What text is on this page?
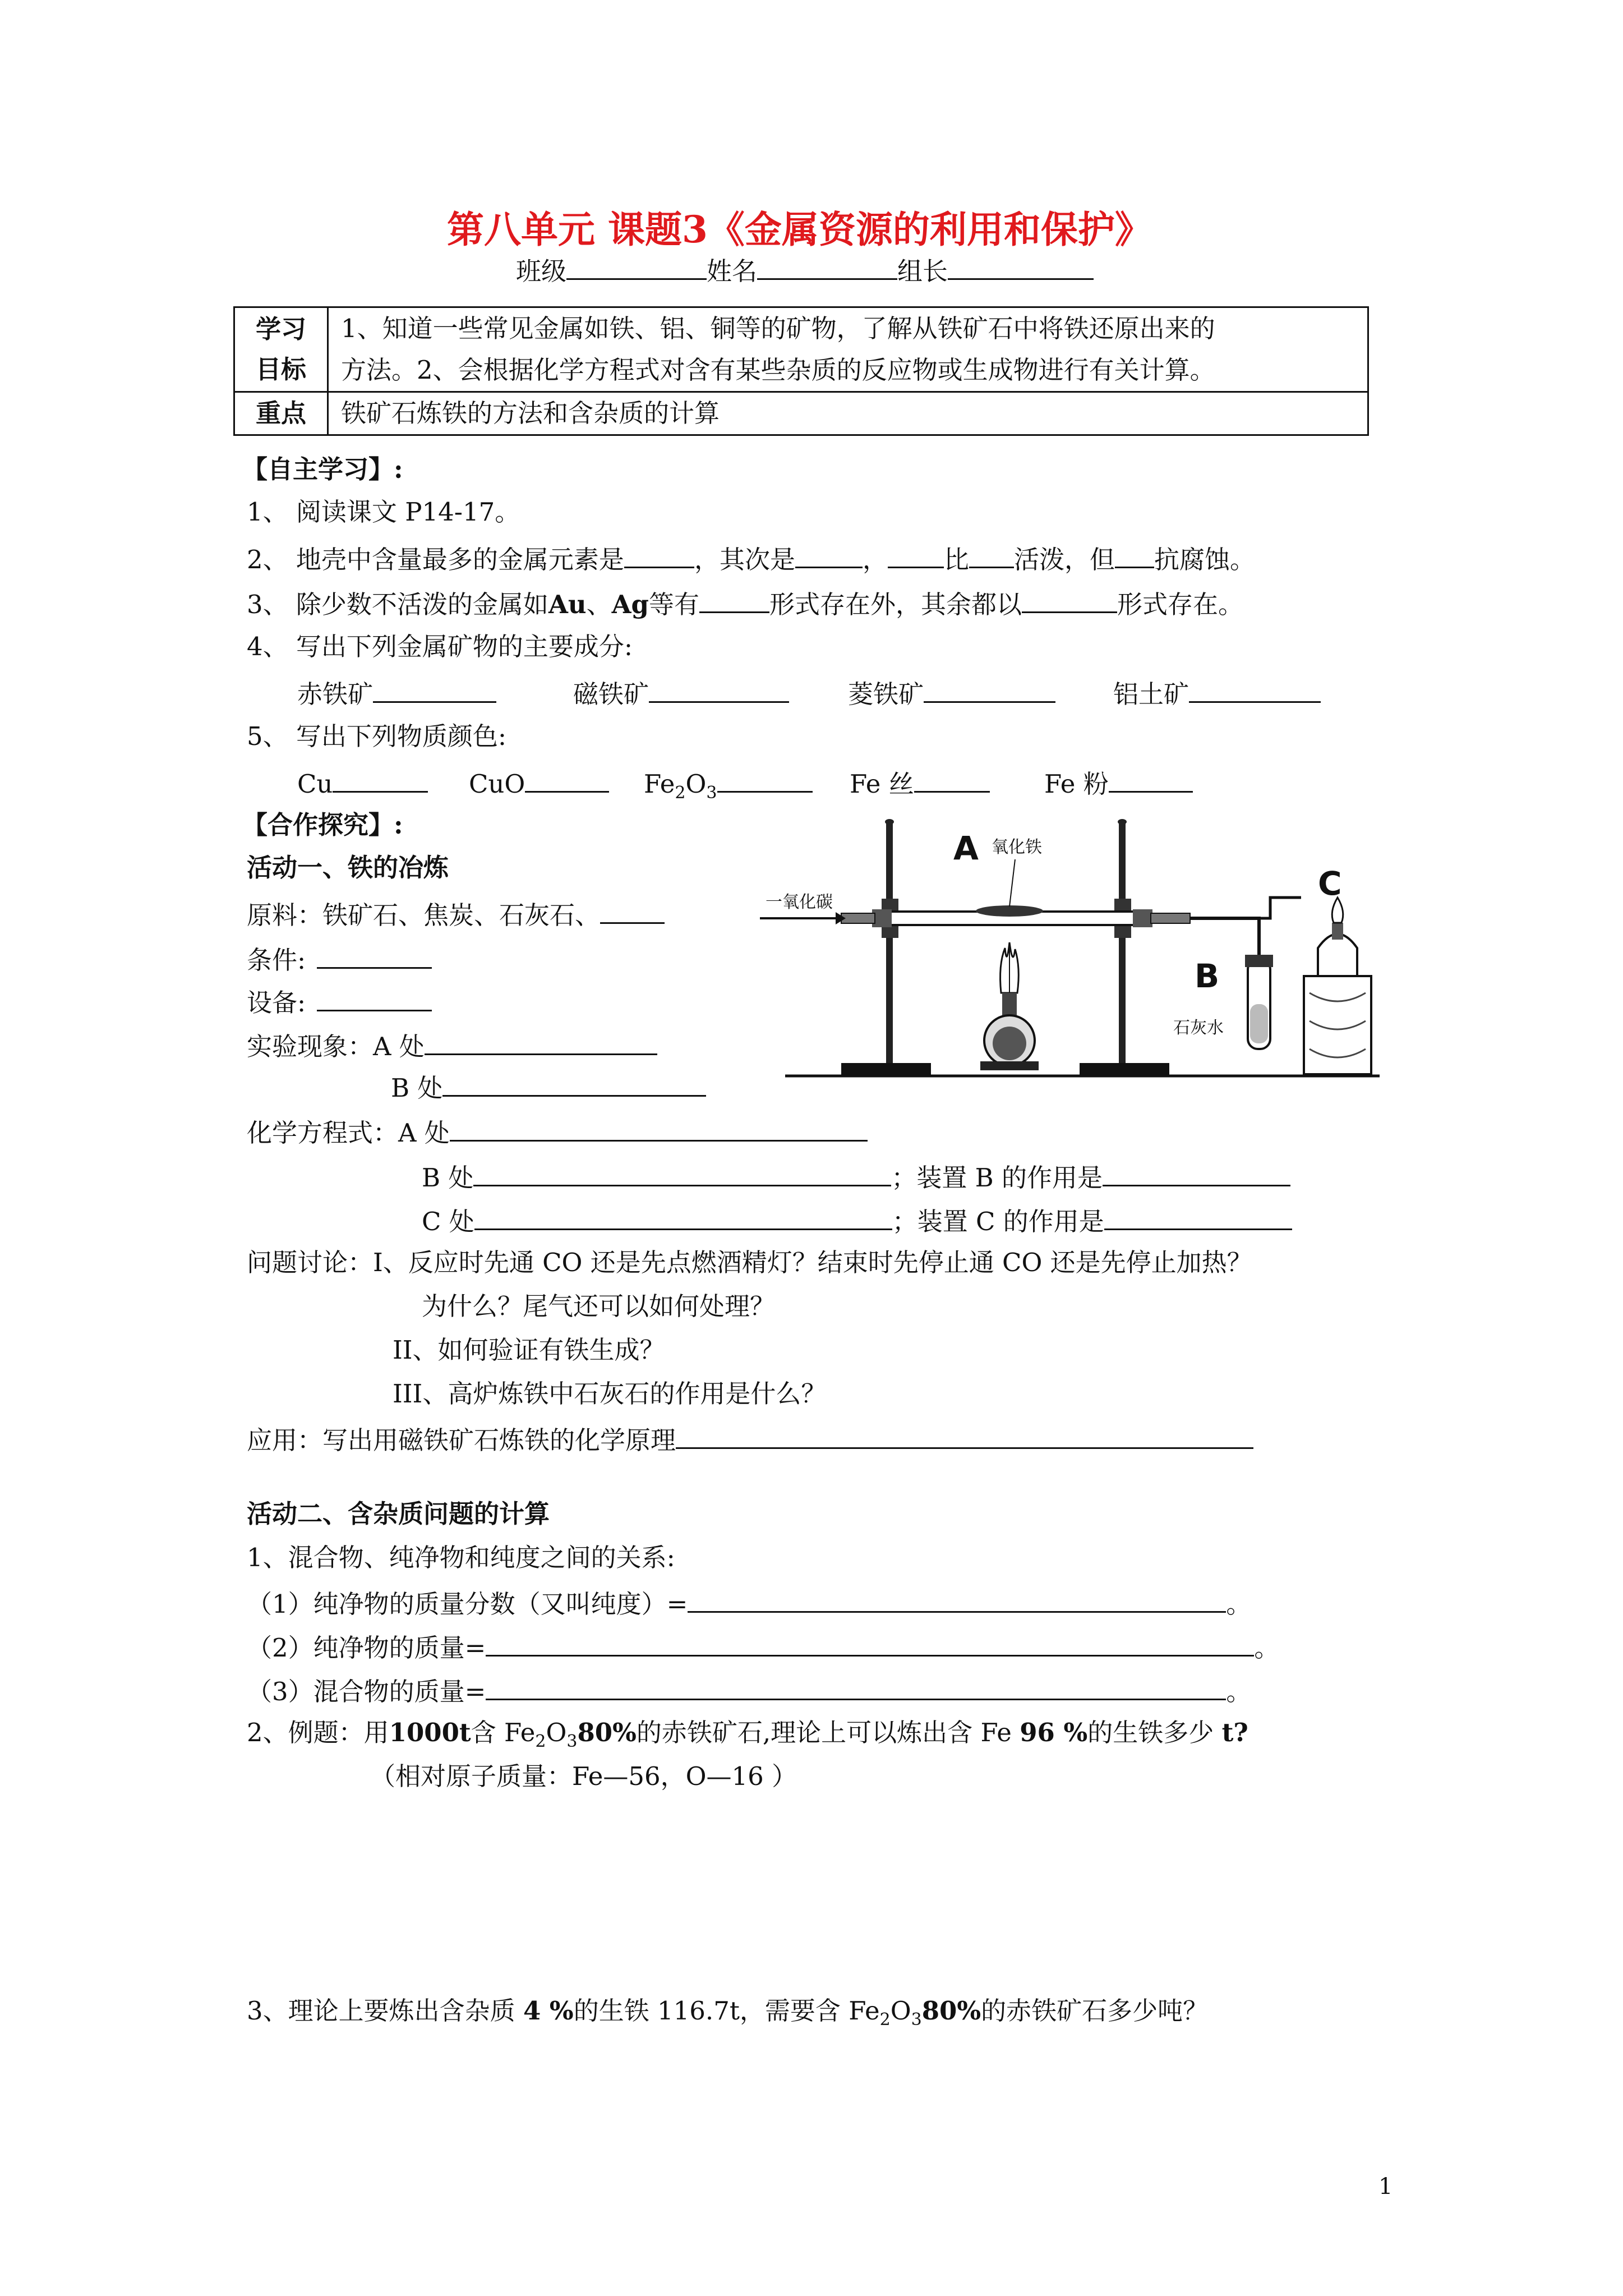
第八单元 课题3《金属资源的利用和保护》
班级	姓名	组长
学习
目标	1、知道一些常见金属如铁、铝、铜等的矿物，了解从铁矿石中将铁还原出来的
方法。2、会根据化学方程式对含有某些杂质的反应物或生成物进行有关计算。
重点	铁矿石炼铁的方法和含杂质的计算
【自主学习】:
1、 阅读课文 P14-17。
2、 地壳中含量最多的金属元素是	，其次是	， 比 活泼，但 抗腐蚀。
3、 除少数不活泼的金属如Au、Ag等有	形式存在外，其余都以	形式存在。
4、 写出下列金属矿物的主要成分:
赤铁矿	磁铁矿	菱铁矿	铝土矿
5、 写出下列物质颜色:
Cu	CuO	$Fe_2O_3$	Fe 丝	Fe 粉
【合作探究】:
活动一、铁的冶炼
原料：铁矿石、焦炭、石灰石、
条件:
设备:
实验现象：A 处
B 处
化学方程式：A 处
B 处	；装置 B 的作用是
C 处	；装置 C 的作用是
问题讨论：I、反应时先通 CO 还是先点燃酒精灯？结束时先停止通 CO 还是先停止加热？
为什么？尾气还可以如何处理？
II、如何验证有铁生成？
III、高炉炼铁中石灰石的作用是什么？
应用：写出用磁铁矿石炼铁的化学原理
一氧化碳
氧化铁
A
B
石灰水
C
活动二、含杂质问题的计算
1、混合物、纯净物和纯度之间的关系:
（1）纯净物的质量分数（又叫纯度）=	。
（2）纯净物的质量=	。
（3）混合物的质量=	。
2、例题：用1000t含 $Fe_2O_380\%$的赤铁矿石,理论上可以炼出含 Fe 96 %的生铁多少 t?
（相对原子质量：Fe—56，O—16 ）
3、理论上要炼出含杂质 4 %的生铁 116.7t，需要含 $Fe_2O_380\%$的赤铁矿石多少吨？
1
